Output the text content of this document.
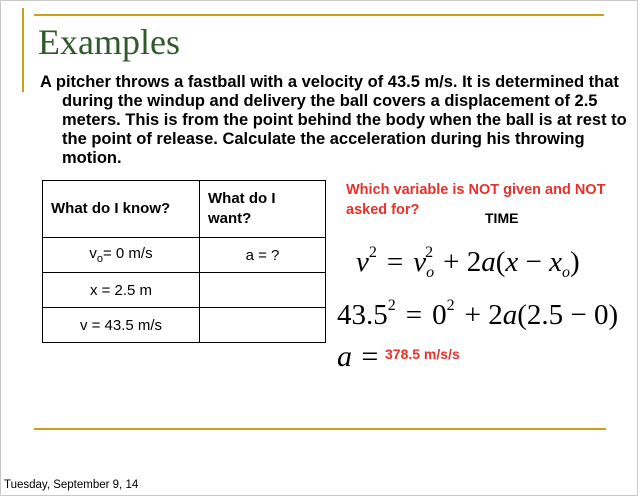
Examples

A pitcher throws a fastball with a velocity of 43.5 m/s. It is determined that during the windup and delivery the ball covers a displacement of 2.5 meters. This is from the point behind the body when the ball is at rest to the point of release. Calculate the acceleration during his throwing motion.

What do I know?	What do I want?
$v_o= 0$ m/s	a = ?
x = 2.5 m	
v = 43.5 m/s	
Which variable is NOT given and NOT asked for?	TIME
$v^2 = v_o^2 + 2a(x - x_o)$
$43.5^2 = 0^2 + 2a(2.5 - 0)$
a = 378.5 m/s/s
Tuesday, September 9, 14
